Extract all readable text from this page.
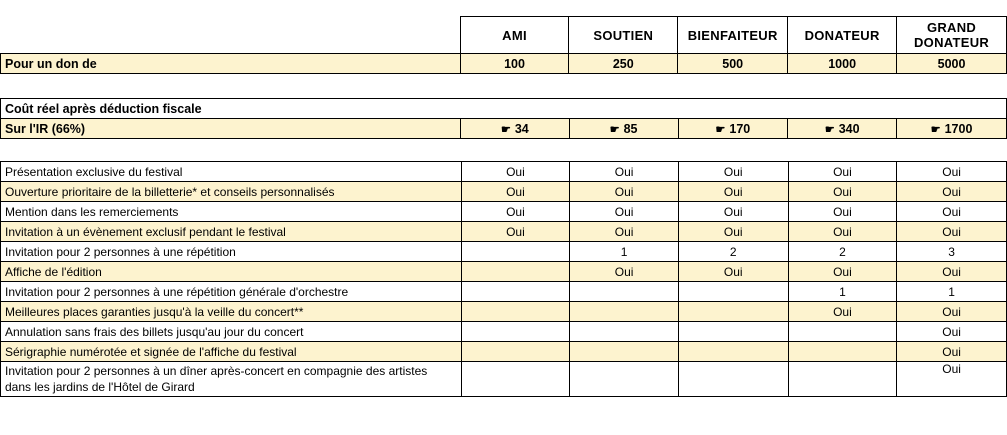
	AMI	SOUTIEN	BIENFAITEUR	DONATEUR	GRAND DONATEUR
Pour un don de	100	250	500	1000	5000
Coût réel après déduction fiscale
Sur l'IR (66%)	☛ 34	☛ 85	☛ 170	☛ 340	☛ 1700
Présentation exclusive du festival	Oui	Oui	Oui	Oui	Oui
Ouverture prioritaire de la billetterie* et conseils personnalisés	Oui	Oui	Oui	Oui	Oui
Mention dans les remerciements	Oui	Oui	Oui	Oui	Oui
Invitation à un évènement exclusif pendant le festival	Oui	Oui	Oui	Oui	Oui
Invitation pour 2 personnes à une répétition		1	2	2	3
Affiche de l'édition		Oui	Oui	Oui	Oui
Invitation pour 2 personnes à une répétition générale d'orchestre				1	1
Meilleures places garanties jusqu'à la veille du concert**				Oui	Oui
Annulation sans frais des billets jusqu'au jour du concert					Oui
Sérigraphie numérotée et signée de l'affiche du festival					Oui
Invitation pour 2 personnes à un dîner après-concert en compagnie des artistes dans les jardins de l'Hôtel de Girard					Oui
